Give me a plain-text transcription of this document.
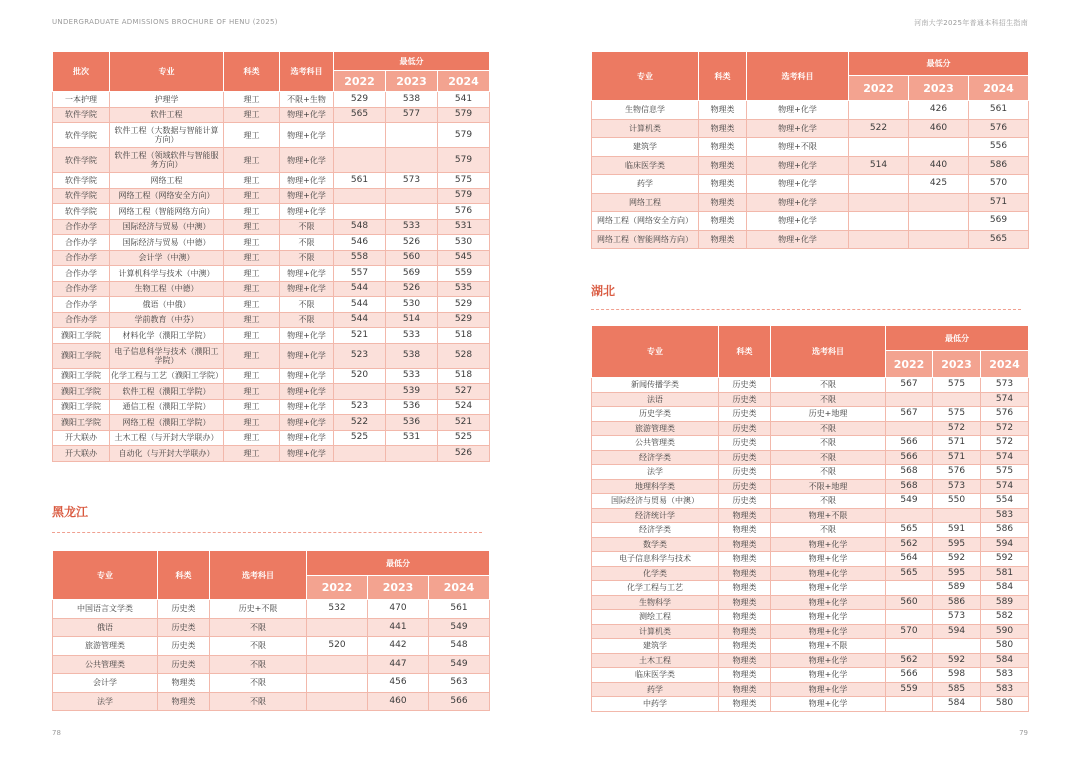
UNDERGRADUATE ADMISSIONS BROCHURE OF HENU (2025)	河南大学2025年普通本科招生指南
批次	专业	科类	选考科目	最低分		
				2022	2023	2024
一本护理	护理学	理工	不限+生物	529	538	541
软件学院	软件工程	理工	物理+化学	565	577	579
软件学院	软件工程（大数据与智能计算方向）	理工	物理+化学			579
软件学院	软件工程（领域软件与智能服务方向）	理工	物理+化学			579
软件学院	网络工程	理工	物理+化学	561	573	575
软件学院	网络工程（网络安全方向）	理工	物理+化学			579
软件学院	网络工程（智能网络方向）	理工	物理+化学			576
合作办学	国际经济与贸易（中澳）	理工	不限	548	533	531
合作办学	国际经济与贸易（中德）	理工	不限	546	526	530
合作办学	会计学（中澳）	理工	不限	558	560	545
合作办学	计算机科学与技术（中澳）	理工	物理+化学	557	569	559
合作办学	生物工程（中德）	理工	物理+化学	544	526	535
合作办学	俄语（中俄）	理工	不限	544	530	529
合作办学	学前教育（中芬）	理工	不限	544	514	529
濮阳工学院	材料化学（濮阳工学院）	理工	物理+化学	521	533	518
濮阳工学院	电子信息科学与技术（濮阳工学院）	理工	物理+化学	523	538	528
濮阳工学院	化学工程与工艺（濮阳工学院）	理工	物理+化学	520	533	518
濮阳工学院	软件工程（濮阳工学院）	理工	物理+化学		539	527
濮阳工学院	通信工程（濮阳工学院）	理工	物理+化学	523	536	524
濮阳工学院	网络工程（濮阳工学院）	理工	物理+化学	522	536	521
开大联办	土木工程（与开封大学联办）	理工	物理+化学	525	531	525
开大联办	自动化（与开封大学联办）	理工	物理+化学			526
黑龙江
专业	科类	选考科目	最低分		
			2022	2023	2024
中国语言文学类	历史类	历史+不限	532	470	561
俄语	历史类	不限		441	549
旅游管理类	历史类	不限	520	442	548
公共管理类	历史类	不限		447	549
会计学	物理类	不限		456	563
法学	物理类	不限		460	566
专业	科类	选考科目	最低分		
			2022	2023	2024
生物信息学	物理类	物理+化学		426	561
计算机类	物理类	物理+化学	522	460	576
建筑学	物理类	物理+不限			556
临床医学类	物理类	物理+化学	514	440	586
药学	物理类	物理+化学		425	570
网络工程	物理类	物理+化学			571
网络工程（网络安全方向）	物理类	物理+化学			569
网络工程（智能网络方向）	物理类	物理+化学			565
湖北
专业	科类	选考科目	最低分		
			2022	2023	2024
新闻传播学类	历史类	不限	567	575	573
法语	历史类	不限			574
历史学类	历史类	历史+地理	567	575	576
旅游管理类	历史类	不限		572	572
公共管理类	历史类	不限	566	571	572
经济学类	历史类	不限	566	571	574
法学	历史类	不限	568	576	575
地理科学类	历史类	不限+地理	568	573	574
国际经济与贸易（中澳）	历史类	不限	549	550	554
经济统计学	物理类	物理+不限			583
经济学类	物理类	不限	565	591	586
数学类	物理类	物理+化学	562	595	594
电子信息科学与技术	物理类	物理+化学	564	592	592
化学类	物理类	物理+化学	565	595	581
化学工程与工艺	物理类	物理+化学		589	584
生物科学	物理类	物理+化学	560	586	589
测绘工程	物理类	物理+化学		573	582
计算机类	物理类	物理+化学	570	594	590
建筑学	物理类	物理+不限			580
土木工程	物理类	物理+化学	562	592	584
临床医学类	物理类	物理+化学	566	598	583
药学	物理类	物理+化学	559	585	583
中药学	物理类	物理+化学		584	580
78	79
